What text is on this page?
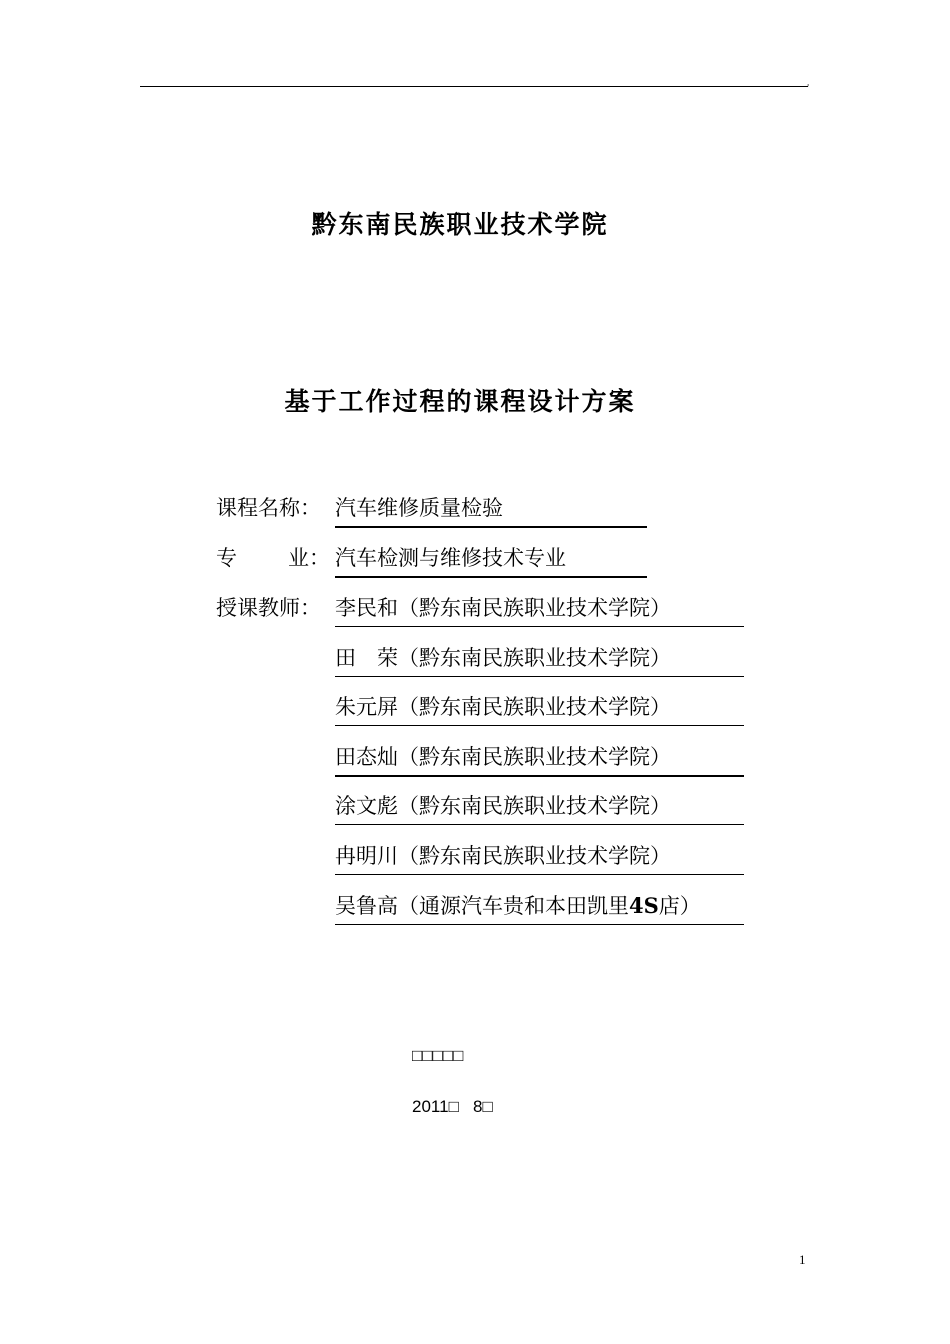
'
黔东南民族职业技术学院
基于工作过程的课程设计方案
课程名称： 汽车维修质量检验
专 业： 汽车检测与维修技术专业
授课教师： 李民和（黔东南民族职业技术学院）
田　荣（黔东南民族职业技术学院）
朱元屏（黔东南民族职业技术学院）
田态灿（黔东南民族职业技术学院）
涂文彪（黔东南民族职业技术学院）
冉明川（黔东南民族职业技术学院）
吴鲁高（通源汽车贵和本田凯里4S店）
□□□□□
2011□ 8□
1
